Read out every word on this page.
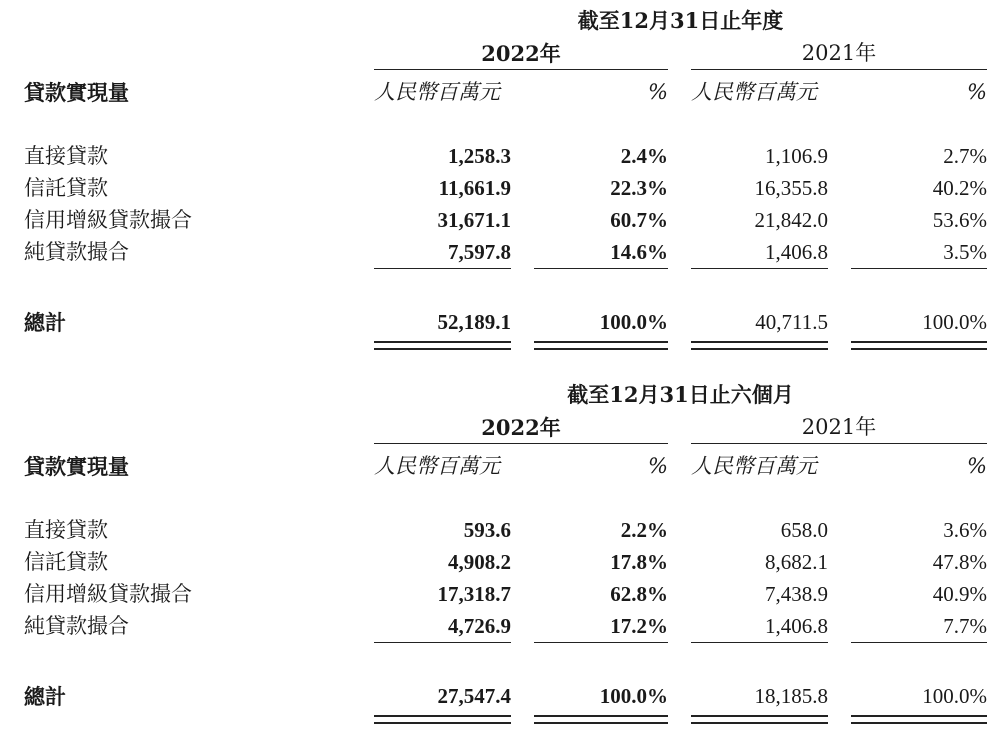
截至12月31日止年度
2022年	2021年
貸款實現量	人民幣百萬元	% 人民幣百萬元	%
直接貸款	1,258.3	2.4%	1,106.9	2.7%
信託貸款	11,661.9	22.3%	16,355.8	40.2%
信用增級貸款撮合	31,671.1	60.7%	21,842.0	53.6%
純貸款撮合	7,597.8	14.6%	1,406.8	3.5%
總計	52,189.1	100.0%	40,711.5	100.0%
截至12月31日止六個月
2022年	2021年
貸款實現量	人民幣百萬元	% 人民幣百萬元	%
直接貸款	593.6	2.2%	658.0	3.6%
信託貸款	4,908.2	17.8%	8,682.1	47.8%
信用增級貸款撮合	17,318.7	62.8%	7,438.9	40.9%
純貸款撮合	4,726.9	17.2%	1,406.8	7.7%
總計	27,547.4	100.0%	18,185.8	100.0%
